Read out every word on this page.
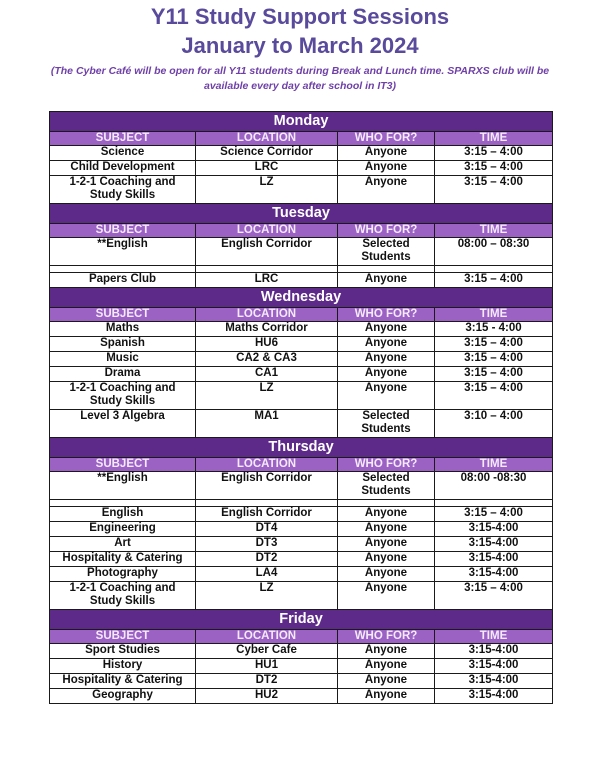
Y11 Study Support Sessions
January to March 2024
(The Cyber Café will be open for all Y11 students during Break and Lunch time. SPARXS club will be available every day after school in IT3)
Monday			
SUBJECT	LOCATION	WHO FOR?	TIME
Science	Science Corridor	Anyone	3:15 – 4:00
Child Development	LRC	Anyone	3:15 – 4:00
1-2-1 Coaching and Study Skills	LZ	Anyone	3:15 – 4:00
Tuesday			
SUBJECT	LOCATION	WHO FOR?	TIME
**English	English Corridor	Selected Students	08:00 – 08:30

Papers Club	LRC	Anyone	3:15 – 4:00
Wednesday			
SUBJECT	LOCATION	WHO FOR?	TIME
Maths	Maths Corridor	Anyone	3:15 - 4:00
Spanish	HU6	Anyone	3:15 – 4:00
Music	CA2 & CA3	Anyone	3:15 – 4:00
Drama	CA1	Anyone	3:15 – 4:00
1-2-1 Coaching and Study Skills	LZ	Anyone	3:15 – 4:00
Level 3 Algebra	MA1	Selected Students	3:10 – 4:00
Thursday			
SUBJECT	LOCATION	WHO FOR?	TIME
**English	English Corridor	Selected Students	08:00 -08:30

English	English Corridor	Anyone	3:15 – 4:00
Engineering	DT4	Anyone	3:15-4:00
Art	DT3	Anyone	3:15-4:00
Hospitality & Catering	DT2	Anyone	3:15-4:00
Photography	LA4	Anyone	3:15-4:00
1-2-1 Coaching and Study Skills	LZ	Anyone	3:15 – 4:00
Friday			
SUBJECT	LOCATION	WHO FOR?	TIME
Sport Studies	Cyber Cafe	Anyone	3:15-4:00
History	HU1	Anyone	3:15-4:00
Hospitality & Catering	DT2	Anyone	3:15-4:00
Geography	HU2	Anyone	3:15-4:00
